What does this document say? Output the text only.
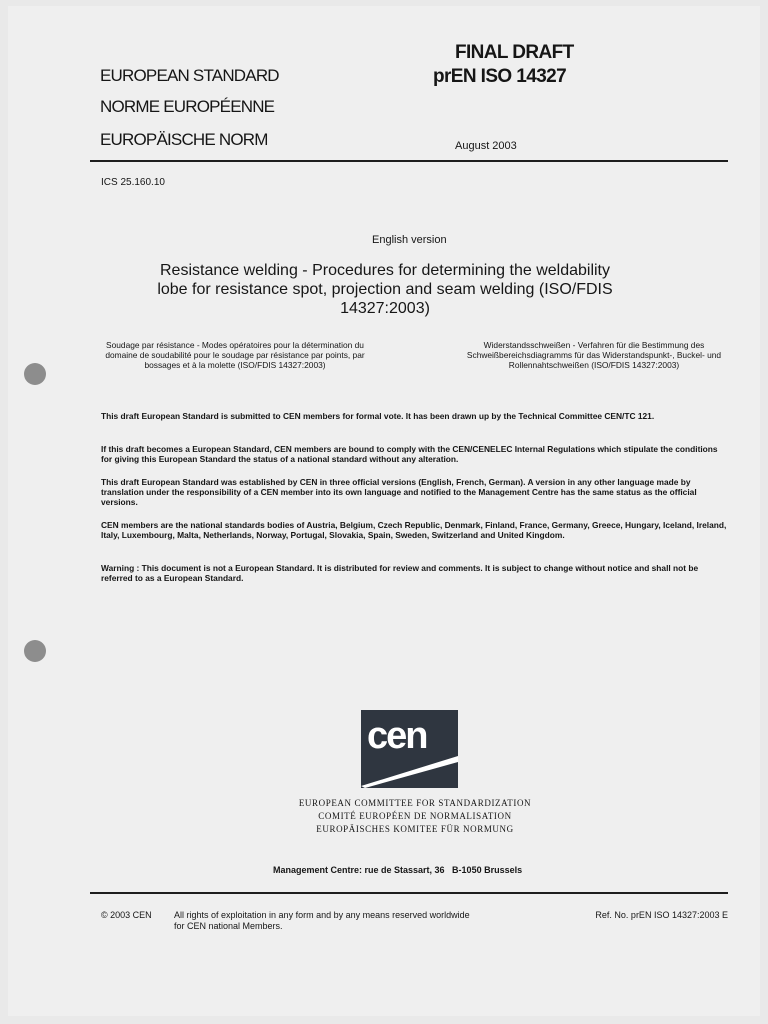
EUROPEAN STANDARD
NORME EUROPÉENNE
EUROPÄISCHE NORM
FINAL DRAFT
prEN ISO 14327
August 2003
ICS 25.160.10
English version
Resistance welding - Procedures for determining the weldability lobe for resistance spot, projection and seam welding (ISO/FDIS 14327:2003)
Soudage par résistance - Modes opératoires pour la détermination du domaine de soudabilité pour le soudage par résistance par points, par bossages et à la molette (ISO/FDIS 14327:2003)
Widerstandsschweißen - Verfahren für die Bestimmung des Schweißbereichsdiagramms für das Widerstandspunkt-, Buckel- und Rollennahtschweißen (ISO/FDIS 14327:2003)
This draft European Standard is submitted to CEN members for formal vote. It has been drawn up by the Technical Committee CEN/TC 121.
If this draft becomes a European Standard, CEN members are bound to comply with the CEN/CENELEC Internal Regulations which stipulate the conditions for giving this European Standard the status of a national standard without any alteration.
This draft European Standard was established by CEN in three official versions (English, French, German). A version in any other language made by translation under the responsibility of a CEN member into its own language and notified to the Management Centre has the same status as the official versions.
CEN members are the national standards bodies of Austria, Belgium, Czech Republic, Denmark, Finland, France, Germany, Greece, Hungary, Iceland, Ireland, Italy, Luxembourg, Malta, Netherlands, Norway, Portugal, Slovakia, Spain, Sweden, Switzerland and United Kingdom.
Warning : This document is not a European Standard. It is distributed for review and comments. It is subject to change without notice and shall not be referred to as a European Standard.
cen
EUROPEAN COMMITTEE FOR STANDARDIZATION
COMITÉ EUROPÉEN DE NORMALISATION
EUROPÄISCHES KOMITEE FÜR NORMUNG
Management Centre: rue de Stassart, 36   B-1050 Brussels
© 2003 CEN All rights of exploitation in any form and by any means reserved worldwide for CEN national Members.
Ref. No. prEN ISO 14327:2003 E
